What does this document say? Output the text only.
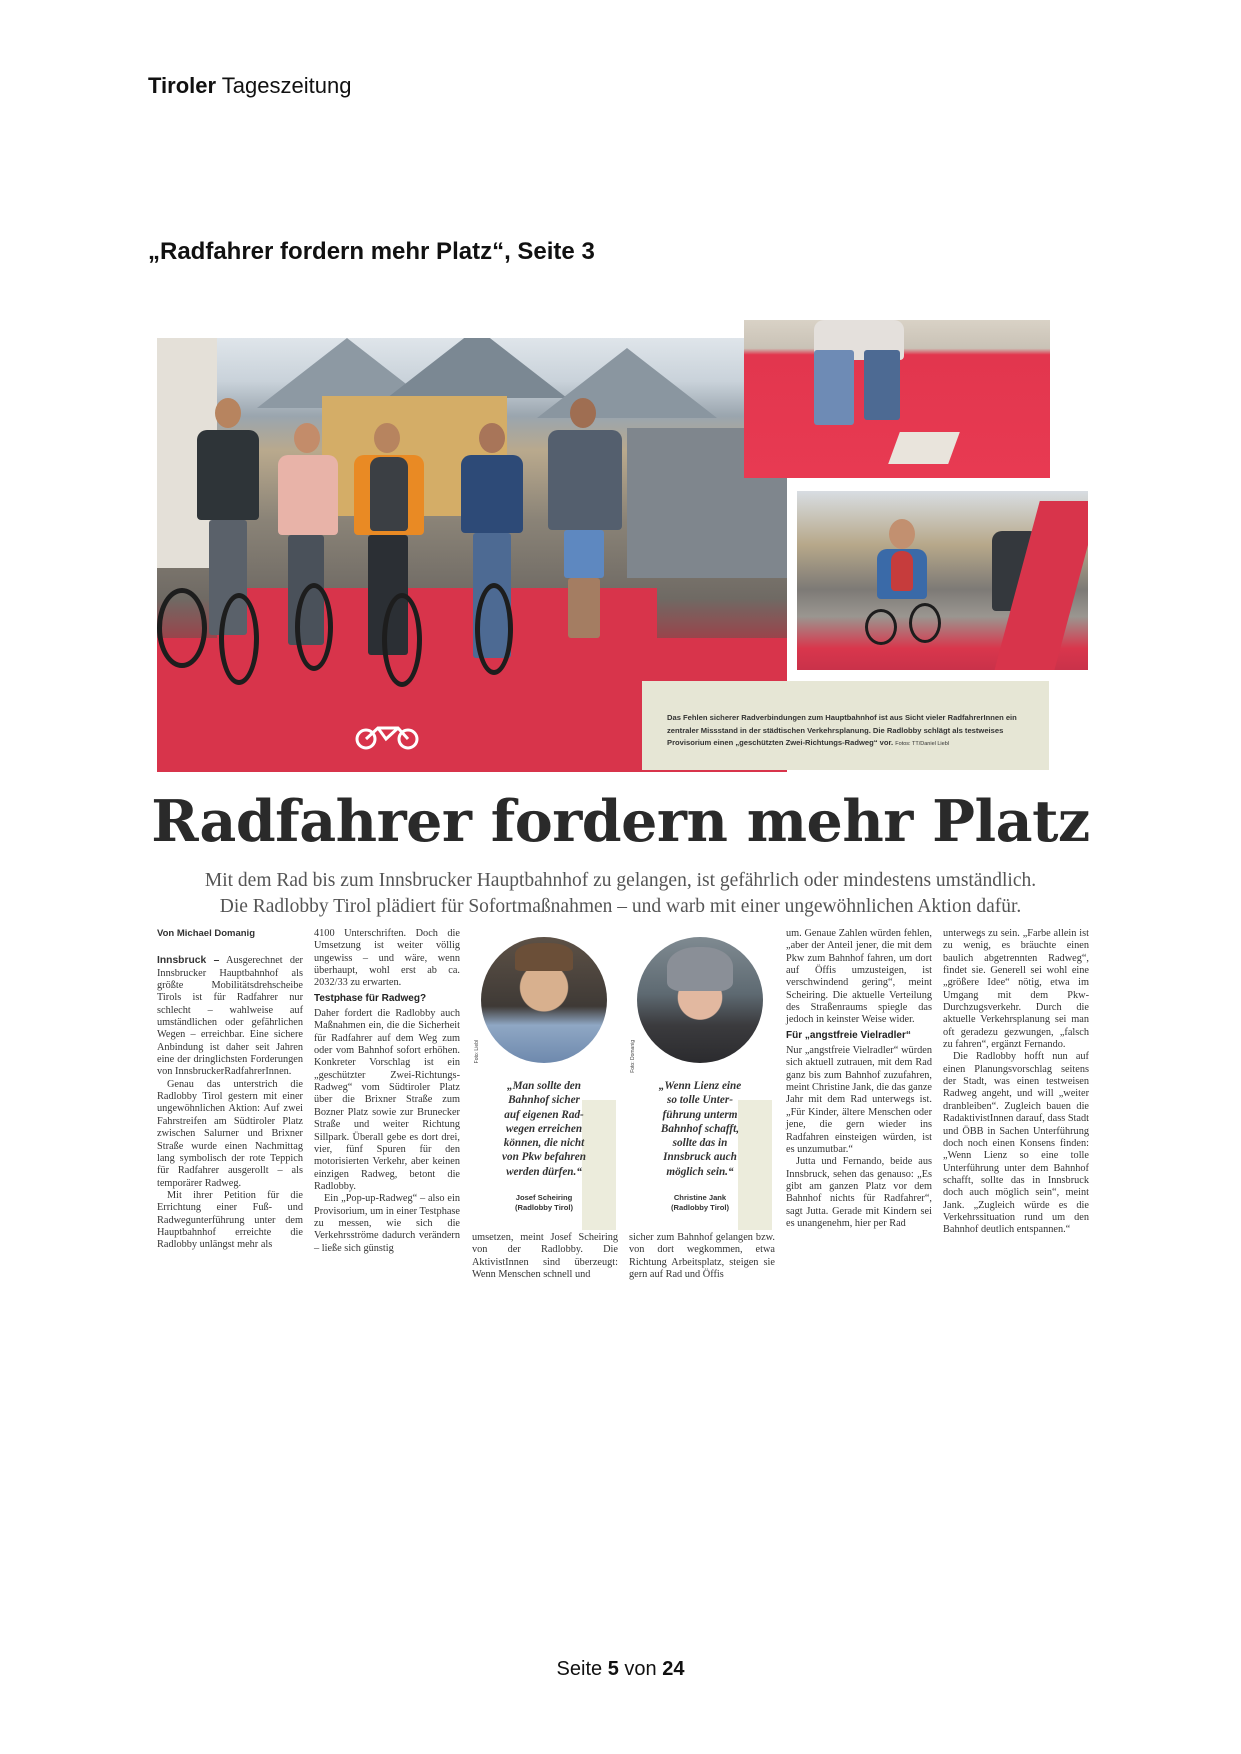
Tiroler Tageszeitung
„Radfahrer fordern mehr Platz“, Seite 3
Das Fehlen sicherer Radverbindungen zum Hauptbahnhof ist aus Sicht vieler RadfahrerInnen ein zentraler Missstand in der städtischen Verkehrsplanung. Die Radlobby schlägt als testweises Provisorium einen „geschützten Zwei-Richtungs-Radweg“ vor. Fotos: TT/Daniel Liebl
Radfahrer fordern mehr Platz
Mit dem Rad bis zum Innsbrucker Hauptbahnhof zu gelangen, ist gefährlich oder mindestens umständlich.
Die Radlobby Tirol plädiert für Sofortmaßnahmen – und warb mit einer ungewöhnlichen Aktion dafür.

Von Michael Domanig

Innsbruck – Ausgerechnet der Innsbrucker Hauptbahnhof als größte Mobilitätsdrehscheibe Tirols ist für Radfahrer nur schlecht – wahlweise auf umständlichen oder gefährlichen Wegen – erreichbar. Eine sichere Anbindung ist daher seit Jahren eine der dringlichsten Forderungen von InnsbruckerRadfahrerInnen.

Genau das unterstrich die Radlobby Tirol gestern mit einer ungewöhnlichen Aktion: Auf zwei Fahrstreifen am Südtiroler Platz zwischen Salurner und Brixner Straße wurde einen Nachmittag lang symbolisch der rote Teppich für Radfahrer ausgerollt – als temporärer Radweg.

Mit ihrer Petition für die Errichtung einer Fuß- und Radwegunterführung unter dem Hauptbahnhof erreichte die Radlobby unlängst mehr als

4100 Unterschriften. Doch die Umsetzung ist weiter völlig ungewiss – und wäre, wenn überhaupt, wohl erst ab ca. 2032/33 zu erwarten.

Testphase für Radweg?

Daher fordert die Radlobby auch Maßnahmen ein, die die Sicherheit für Radfahrer auf dem Weg zum oder vom Bahnhof sofort erhöhen. Konkreter Vorschlag ist ein „geschützter Zwei-Richtungs-Radweg“ vom Südtiroler Platz über die Brixner Straße zum Bozner Platz sowie zur Brunecker Straße und weiter Richtung Sillpark. Überall gebe es dort drei, vier, fünf Spuren für den motorisierten Verkehr, aber keinen einzigen Radweg, betont die Radlobby.

Ein „Pop-up-Radweg“ – also ein Provisorium, um in einer Testphase zu messen, wie sich die Verkehrsströme dadurch verändern – ließe sich günstig

Foto: Liebl
„Man sollte den
Bahnhof sicher
auf eigenen Rad-
wegen erreichen
können, die nicht
von Pkw befahren
werden dürfen.“
Josef Scheiring
(Radlobby Tirol)
Foto: Domanig
„Wenn Lienz eine
so tolle Unter-
führung unterm
Bahnhof schafft,
sollte das in
Innsbruck auch
möglich sein.“
Christine Jank
(Radlobby Tirol)

umsetzen, meint Josef Scheiring von der Radlobby. Die AktivistInnen sind überzeugt: Wenn Menschen schnell und

sicher zum Bahnhof gelangen bzw. von dort wegkommen, etwa Richtung Arbeitsplatz, steigen sie gern auf Rad und Öffis

um. Genaue Zahlen würden fehlen, „aber der Anteil jener, die mit dem Pkw zum Bahnhof fahren, um dort auf Öffis umzusteigen, ist verschwindend gering“, meint Scheiring. Die aktuelle Verteilung des Straßenraums spiegle das jedoch in keinster Weise wider.

Für „angstfreie Vielradler“

Nur „angstfreie Vielradler“ würden sich aktuell zutrauen, mit dem Rad ganz bis zum Bahnhof zuzufahren, meint Christine Jank, die das ganze Jahr mit dem Rad unterwegs ist. „Für Kinder, ältere Menschen oder jene, die gern wieder ins Radfahren einsteigen würden, ist es unzumutbar.“

Jutta und Fernando, beide aus Innsbruck, sehen das genauso: „Es gibt am ganzen Platz vor dem Bahnhof nichts für Radfahrer“, sagt Jutta. Gerade mit Kindern sei es unangenehm, hier per Rad

unterwegs zu sein. „Farbe allein ist zu wenig, es bräuchte einen baulich abgetrennten Radweg“, findet sie. Generell sei wohl eine „größere Idee“ nötig, etwa im Umgang mit dem Pkw-Durchzugsverkehr. Durch die aktuelle Verkehrsplanung sei man oft geradezu gezwungen, „falsch zu fahren“, ergänzt Fernando.

Die Radlobby hofft nun auf einen Planungsvorschlag seitens der Stadt, was einen testweisen Radweg angeht, und will „weiter dranbleiben“. Zugleich bauen die RadaktivistInnen darauf, dass Stadt und ÖBB in Sachen Unterführung doch noch einen Konsens finden: „Wenn Lienz so eine tolle Unterführung unter dem Bahnhof schafft, sollte das in Innsbruck doch auch möglich sein“, meint Jank. „Zugleich würde es die Verkehrssituation rund um den Bahnhof deutlich entspannen.“

Seite 5 von 24
